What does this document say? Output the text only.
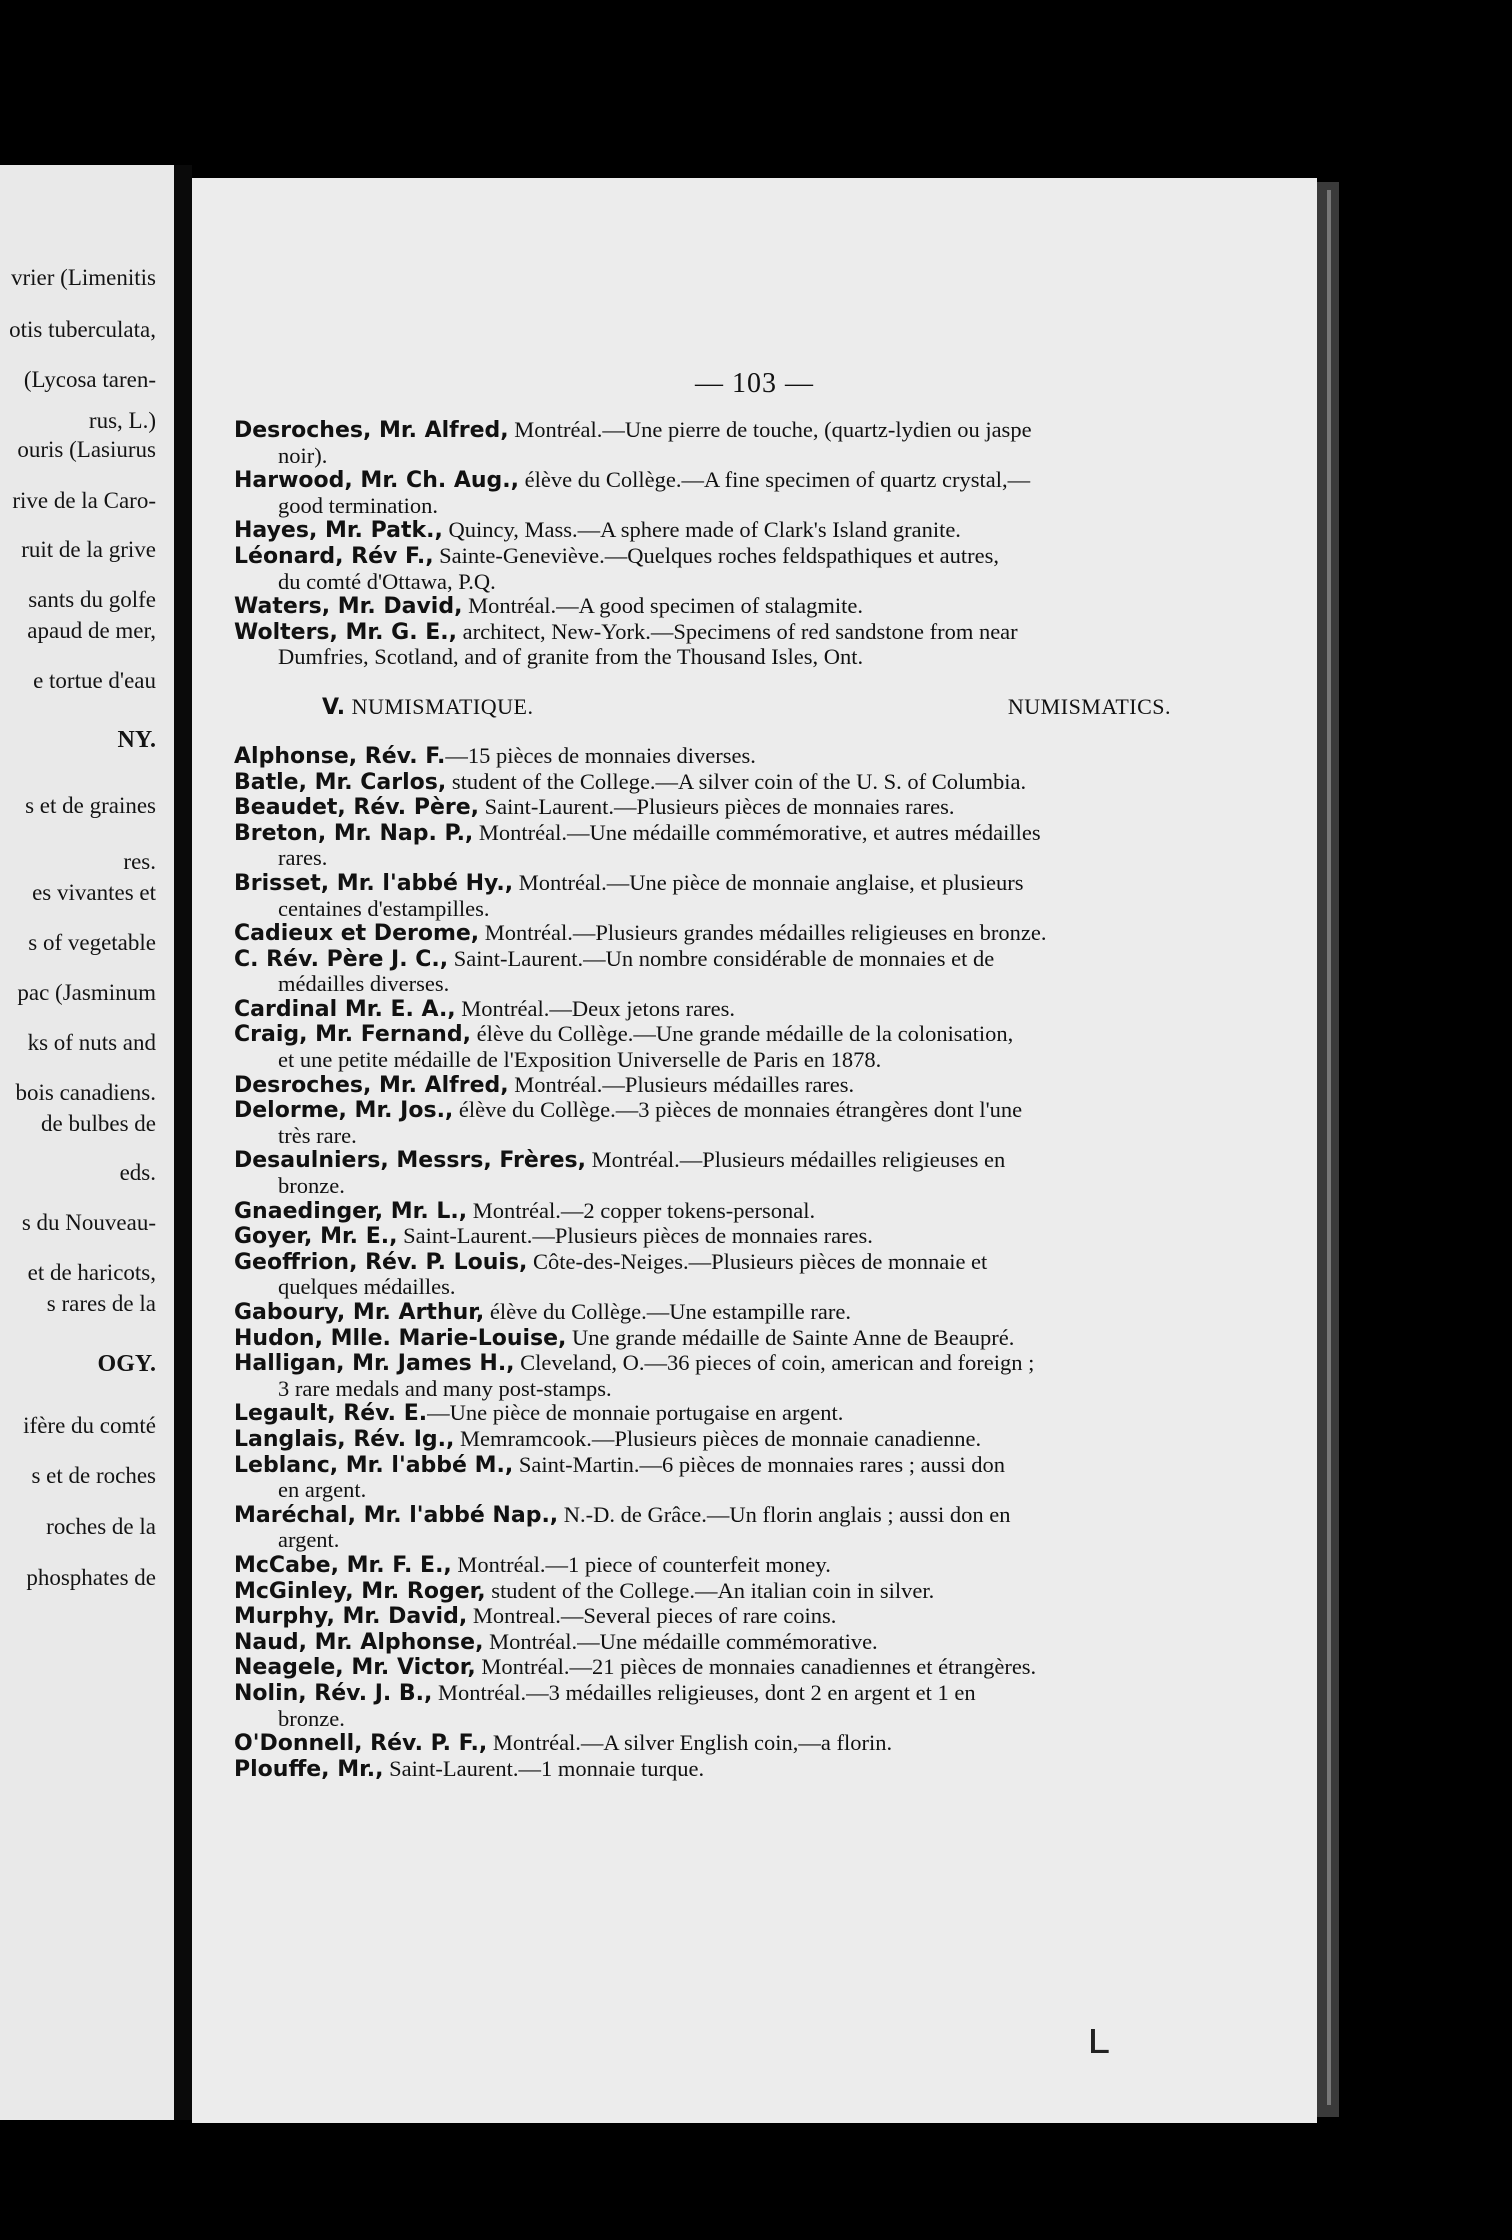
vrier (Limenitis
otis tuberculata,
(Lycosa taren-
rus, L.)
ouris (Lasiurus
rive de la Caro-
ruit de la grive
sants du golfe
apaud de mer,
e tortue d'eau
NY.
s et de graines
res.
es vivantes et
s of vegetable
pac (Jasminum
ks of nuts and
bois canadiens.
de bulbes de
eds.
s du Nouveau-
et de haricots,
s rares de la
OGY.
ifère du comté
s et de roches
roches de la
phosphates de
— 103 —
Desroches, Mr. Alfred, Montréal.—Une pierre de touche, (quartz-lydien ou jaspe
noir).
Harwood, Mr. Ch. Aug., élève du Collège.—A fine specimen of quartz crystal,—
good termination.
Hayes, Mr. Patk., Quincy, Mass.—A sphere made of Clark's Island granite.
Léonard, Rév F., Sainte-Geneviève.—Quelques roches feldspathiques et autres,
du comté d'Ottawa, P.Q.
Waters, Mr. David, Montréal.—A good specimen of stalagmite.
Wolters, Mr. G. E., architect, New-York.—Specimens of red sandstone from near
Dumfries, Scotland, and of granite from the Thousand Isles, Ont.
V. NUMISMATIQUE.	NUMISMATICS.
Alphonse, Rév. F.—15 pièces de monnaies diverses.
Batle, Mr. Carlos, student of the College.—A silver coin of the U. S. of Columbia.
Beaudet, Rév. Père, Saint-Laurent.—Plusieurs pièces de monnaies rares.
Breton, Mr. Nap. P., Montréal.—Une médaille commémorative, et autres médailles
rares.
Brisset, Mr. l'abbé Hy., Montréal.—Une pièce de monnaie anglaise, et plusieurs
centaines d'estampilles.
Cadieux et Derome, Montréal.—Plusieurs grandes médailles religieuses en bronze.
C. Rév. Père J. C., Saint-Laurent.—Un nombre considérable de monnaies et de
médailles diverses.
Cardinal Mr. E. A., Montréal.—Deux jetons rares.
Craig, Mr. Fernand, élève du Collège.—Une grande médaille de la colonisation,
et une petite médaille de l'Exposition Universelle de Paris en 1878.
Desroches, Mr. Alfred, Montréal.—Plusieurs médailles rares.
Delorme, Mr. Jos., élève du Collège.—3 pièces de monnaies étrangères dont l'une
très rare.
Desaulniers, Messrs, Frères, Montréal.—Plusieurs médailles religieuses en
bronze.
Gnaedinger, Mr. L., Montréal.—2 copper tokens-personal.
Goyer, Mr. E., Saint-Laurent.—Plusieurs pièces de monnaies rares.
Geoffrion, Rév. P. Louis, Côte-des-Neiges.—Plusieurs pièces de monnaie et
quelques médailles.
Gaboury, Mr. Arthur, élève du Collège.—Une estampille rare.
Hudon, Mlle. Marie-Louise, Une grande médaille de Sainte Anne de Beaupré.
Halligan, Mr. James H., Cleveland, O.—36 pieces of coin, american and foreign ;
3 rare medals and many post-stamps.
Legault, Rév. E.—Une pièce de monnaie portugaise en argent.
Langlais, Rév. Ig., Memramcook.—Plusieurs pièces de monnaie canadienne.
Leblanc, Mr. l'abbé M., Saint-Martin.—6 pièces de monnaies rares ; aussi don
en argent.
Maréchal, Mr. l'abbé Nap., N.-D. de Grâce.—Un florin anglais ; aussi don en
argent.
McCabe, Mr. F. E., Montréal.—1 piece of counterfeit money.
McGinley, Mr. Roger, student of the College.—An italian coin in silver.
Murphy, Mr. David, Montreal.—Several pieces of rare coins.
Naud, Mr. Alphonse, Montréal.—Une médaille commémorative.
Neagele, Mr. Victor, Montréal.—21 pièces de monnaies canadiennes et étrangères.
Nolin, Rév. J. B., Montréal.—3 médailles religieuses, dont 2 en argent et 1 en
bronze.
O'Donnell, Rév. P. F., Montréal.—A silver English coin,—a florin.
Plouffe, Mr., Saint-Laurent.—1 monnaie turque.
ʟ
